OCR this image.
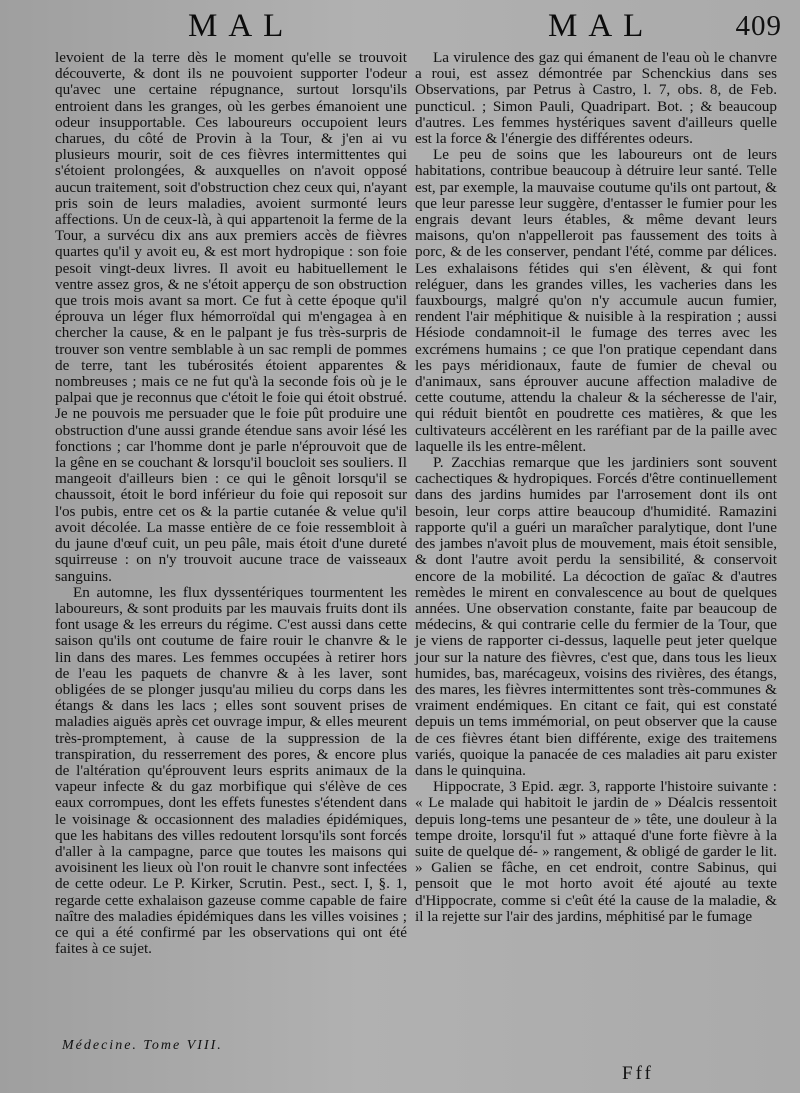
MAL	MAL	409

levoient de la terre dès le moment qu'elle se trouvoit découverte, & dont ils ne pouvoient supporter l'odeur qu'avec une certaine répugnance, surtout lorsqu'ils entroient dans les granges, où les gerbes émanoient une odeur insupportable. Ces laboureurs occupoient leurs charues, du côté de Provin à la Tour, & j'en ai vu plusieurs mourir, soit de ces fièvres intermittentes qui s'étoient prolongées, & auxquelles on n'avoit opposé aucun traitement, soit d'obstruction chez ceux qui, n'ayant pris soin de leurs maladies, avoient surmonté leurs affections. Un de ceux-là, à qui appartenoit la ferme de la Tour, a survécu dix ans aux premiers accès de fièvres quartes qu'il y avoit eu, & est mort hydropique : son foie pesoit vingt-deux livres. Il avoit eu habituellement le ventre assez gros, & ne s'étoit apperçu de son obstruction que trois mois avant sa mort. Ce fut à cette époque qu'il éprouva un léger flux hémorroïdal qui m'engagea à en chercher la cause, & en le palpant je fus très-surpris de trouver son ventre semblable à un sac rempli de pommes de terre, tant les tubérosités étoient apparentes & nombreuses ; mais ce ne fut qu'à la seconde fois où je le palpai que je reconnus que c'étoit le foie qui étoit obstrué. Je ne pouvois me persuader que le foie pût produire une obstruction d'une aussi grande étendue sans avoir lésé les fonctions ; car l'homme dont je parle n'éprouvoit que de la gêne en se couchant & lorsqu'il boucloit ses souliers. Il mangeoit d'ailleurs bien : ce qui le gênoit lorsqu'il se chaussoit, étoit le bord inférieur du foie qui reposoit sur l'os pubis, entre cet os & la partie cutanée & velue qu'il avoit décolée. La masse entière de ce foie ressembloit à du jaune d'œuf cuit, un peu pâle, mais étoit d'une dureté squirreuse : on n'y trouvoit aucune trace de vaisseaux sanguins.

En automne, les flux dyssentériques tourmentent les laboureurs, & sont produits par les mauvais fruits dont ils font usage & les erreurs du régime. C'est aussi dans cette saison qu'ils ont coutume de faire rouir le chanvre & le lin dans des mares. Les femmes occupées à retirer hors de l'eau les paquets de chanvre & à les laver, sont obligées de se plonger jusqu'au milieu du corps dans les étangs & dans les lacs ; elles sont souvent prises de maladies aiguës après cet ouvrage impur, & elles meurent très-promptement, à cause de la suppression de la transpiration, du resserrement des pores, & encore plus de l'altération qu'éprouvent leurs esprits animaux de la vapeur infecte & du gaz morbifique qui s'élève de ces eaux corrompues, dont les effets funestes s'étendent dans le voisinage & occasionnent des maladies épidémiques, que les habitans des villes redoutent lorsqu'ils sont forcés d'aller à la campagne, parce que toutes les maisons qui avoisinent les lieux où l'on rouit le chanvre sont infectées de cette odeur. Le P. Kirker, Scrutin. Pest., sect. I, §. 1, regarde cette exhalaison gazeuse comme capable de faire naître des maladies épidémiques dans les villes voisines ; ce qui a été confirmé par les observations qui ont été faites à ce sujet.

La virulence des gaz qui émanent de l'eau où le chanvre a roui, est assez démontrée par Schenckius dans ses Observations, par Petrus à Castro, l. 7, obs. 8, de Feb. puncticul. ; Simon Pauli, Quadripart. Bot. ; & beaucoup d'autres. Les femmes hystériques savent d'ailleurs quelle est la force & l'énergie des différentes odeurs.

Le peu de soins que les laboureurs ont de leurs habitations, contribue beaucoup à détruire leur santé. Telle est, par exemple, la mauvaise coutume qu'ils ont partout, & que leur paresse leur suggère, d'entasser le fumier pour les engrais devant leurs étables, & même devant leurs maisons, qu'on n'appelleroit pas faussement des toits à porc, & de les conserver, pendant l'été, comme par délices. Les exhalaisons fétides qui s'en élèvent, & qui font reléguer, dans les grandes villes, les vacheries dans les fauxbourgs, malgré qu'on n'y accumule aucun fumier, rendent l'air méphitique & nuisible à la respiration ; aussi Hésiode condamnoit-il le fumage des terres avec les excrémens humains ; ce que l'on pratique cependant dans les pays méridionaux, faute de fumier de cheval ou d'animaux, sans éprouver aucune affection maladive de cette coutume, attendu la chaleur & la sécheresse de l'air, qui réduit bientôt en poudrette ces matières, & que les cultivateurs accélèrent en les raréfiant par de la paille avec laquelle ils les entre-mêlent.

P. Zacchias remarque que les jardiniers sont souvent cachectiques & hydropiques. Forcés d'être continuellement dans des jardins humides par l'arrosement dont ils ont besoin, leur corps attire beaucoup d'humidité. Ramazini rapporte qu'il a guéri un maraîcher paralytique, dont l'une des jambes n'avoit plus de mouvement, mais étoit sensible, & dont l'autre avoit perdu la sensibilité, & conservoit encore de la mobilité. La décoction de gaïac & d'autres remèdes le mirent en convalescence au bout de quelques années. Une observation constante, faite par beaucoup de médecins, & qui contrarie celle du fermier de la Tour, que je viens de rapporter ci-dessus, laquelle peut jeter quelque jour sur la nature des fièvres, c'est que, dans tous les lieux humides, bas, marécageux, voisins des rivières, des étangs, des mares, les fièvres intermittentes sont très-communes & vraiment endémiques. En citant ce fait, qui est constaté depuis un tems immémorial, on peut observer que la cause de ces fièvres étant bien différente, exige des traitemens variés, quoique la panacée de ces maladies ait paru exister dans le quinquina.

Hippocrate, 3 Epid. ægr. 3, rapporte l'histoire suivante : « Le malade qui habitoit le jardin de » Déalcis ressentoit depuis long-tems une pesanteur de » tête, une douleur à la tempe droite, lorsqu'il fut » attaqué d'une forte fièvre à la suite de quelque dé- » rangement, & obligé de garder le lit. » Galien se fâche, en cet endroit, contre Sabinus, qui pensoit que le mot horto avoit été ajouté au texte d'Hippocrate, comme si c'eût été la cause de la maladie, & il la rejette sur l'air des jardins, méphitisé par le fumage

Médecine. Tome VIII.
Fff
